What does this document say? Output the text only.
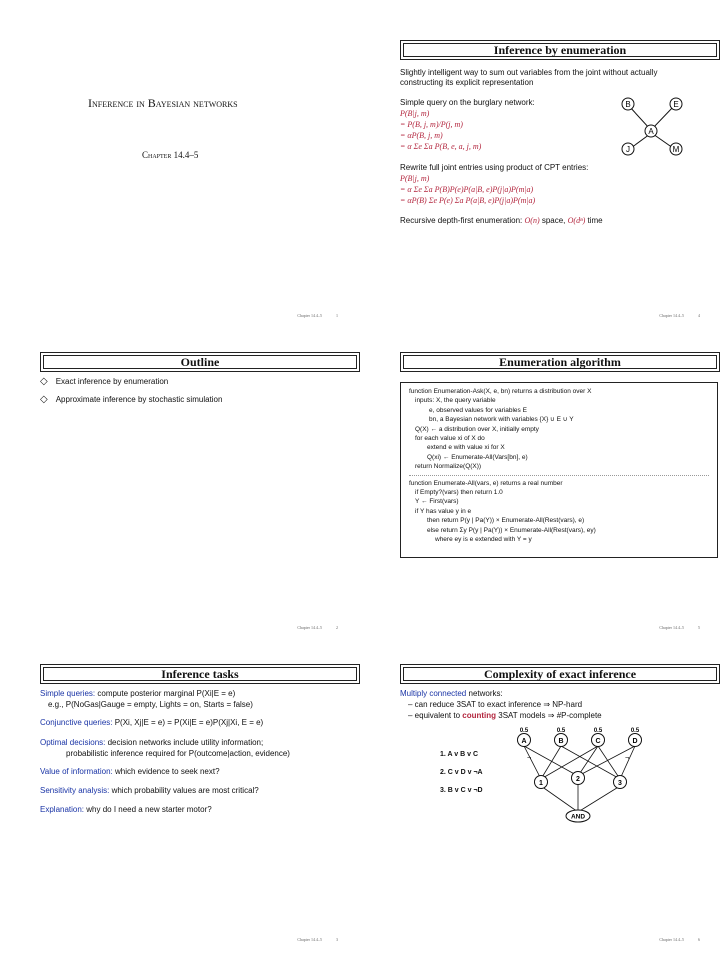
Inference in Bayesian networks
Chapter 14.4–5
Chapter 14.4–5	1
Inference by enumeration
Slightly intelligent way to sum out variables from the joint without actually
constructing its explicit representation
Simple query on the burglary network:
P(B|j, m)
= P(B, j, m)/P(j, m)
= αP(B, j, m)
= α Σe Σa P(B, e, a, j, m)
B	E
A
J	M
Rewrite full joint entries using product of CPT entries:
P(B|j, m)
= α Σe Σa P(B)P(e)P(a|B, e)P(j|a)P(m|a)
= αP(B) Σe P(e) Σa P(a|B, e)P(j|a)P(m|a)
Recursive depth-first enumeration: O(n) space, O(dⁿ) time
Chapter 14.4–5	4
Outline
◇ Exact inference by enumeration
◇ Approximate inference by stochastic simulation
Chapter 14.4–5	2
Enumeration algorithm
function Enumeration-Ask(X, e, bn) returns a distribution over X
inputs: X, the query variable
e, observed values for variables E
bn, a Bayesian network with variables {X} ∪ E ∪ Y
Q(X) ← a distribution over X, initially empty
for each value xi of X do
extend e with value xi for X
Q(xi) ← Enumerate-All(Vars[bn], e)
return Normalize(Q(X))
function Enumerate-All(vars, e) returns a real number
if Empty?(vars) then return 1.0
Y ← First(vars)
if Y has value y in e
then return P(y | Pa(Y)) × Enumerate-All(Rest(vars), e)
else return Σy P(y | Pa(Y)) × Enumerate-All(Rest(vars), ey)
where ey is e extended with Y = y
Chapter 14.4–5	5
Inference tasks
Simple queries: compute posterior marginal P(Xi|E = e)
e.g., P(NoGas|Gauge = empty, Lights = on, Starts = false)
Conjunctive queries: P(Xi, Xj|E = e) = P(Xi|E = e)P(Xj|Xi, E = e)
Optimal decisions: decision networks include utility information;
probabilistic inference required for P(outcome|action, evidence)
Value of information: which evidence to seek next?
Sensitivity analysis: which probability values are most critical?
Explanation: why do I need a new starter motor?
Chapter 14.4–5	3
Complexity of exact inference
Multiply connected networks:
– can reduce 3SAT to exact inference ⇒ NP-hard
– equivalent to counting 3SAT models ⇒ #P-complete
1. A v B v C
2. C v D v ¬A
3. B v C v ¬D
0.5	0.5	0.5	0.5
¬	¬
A	B	C	D
1
2
3
AND
Chapter 14.4–5	6
